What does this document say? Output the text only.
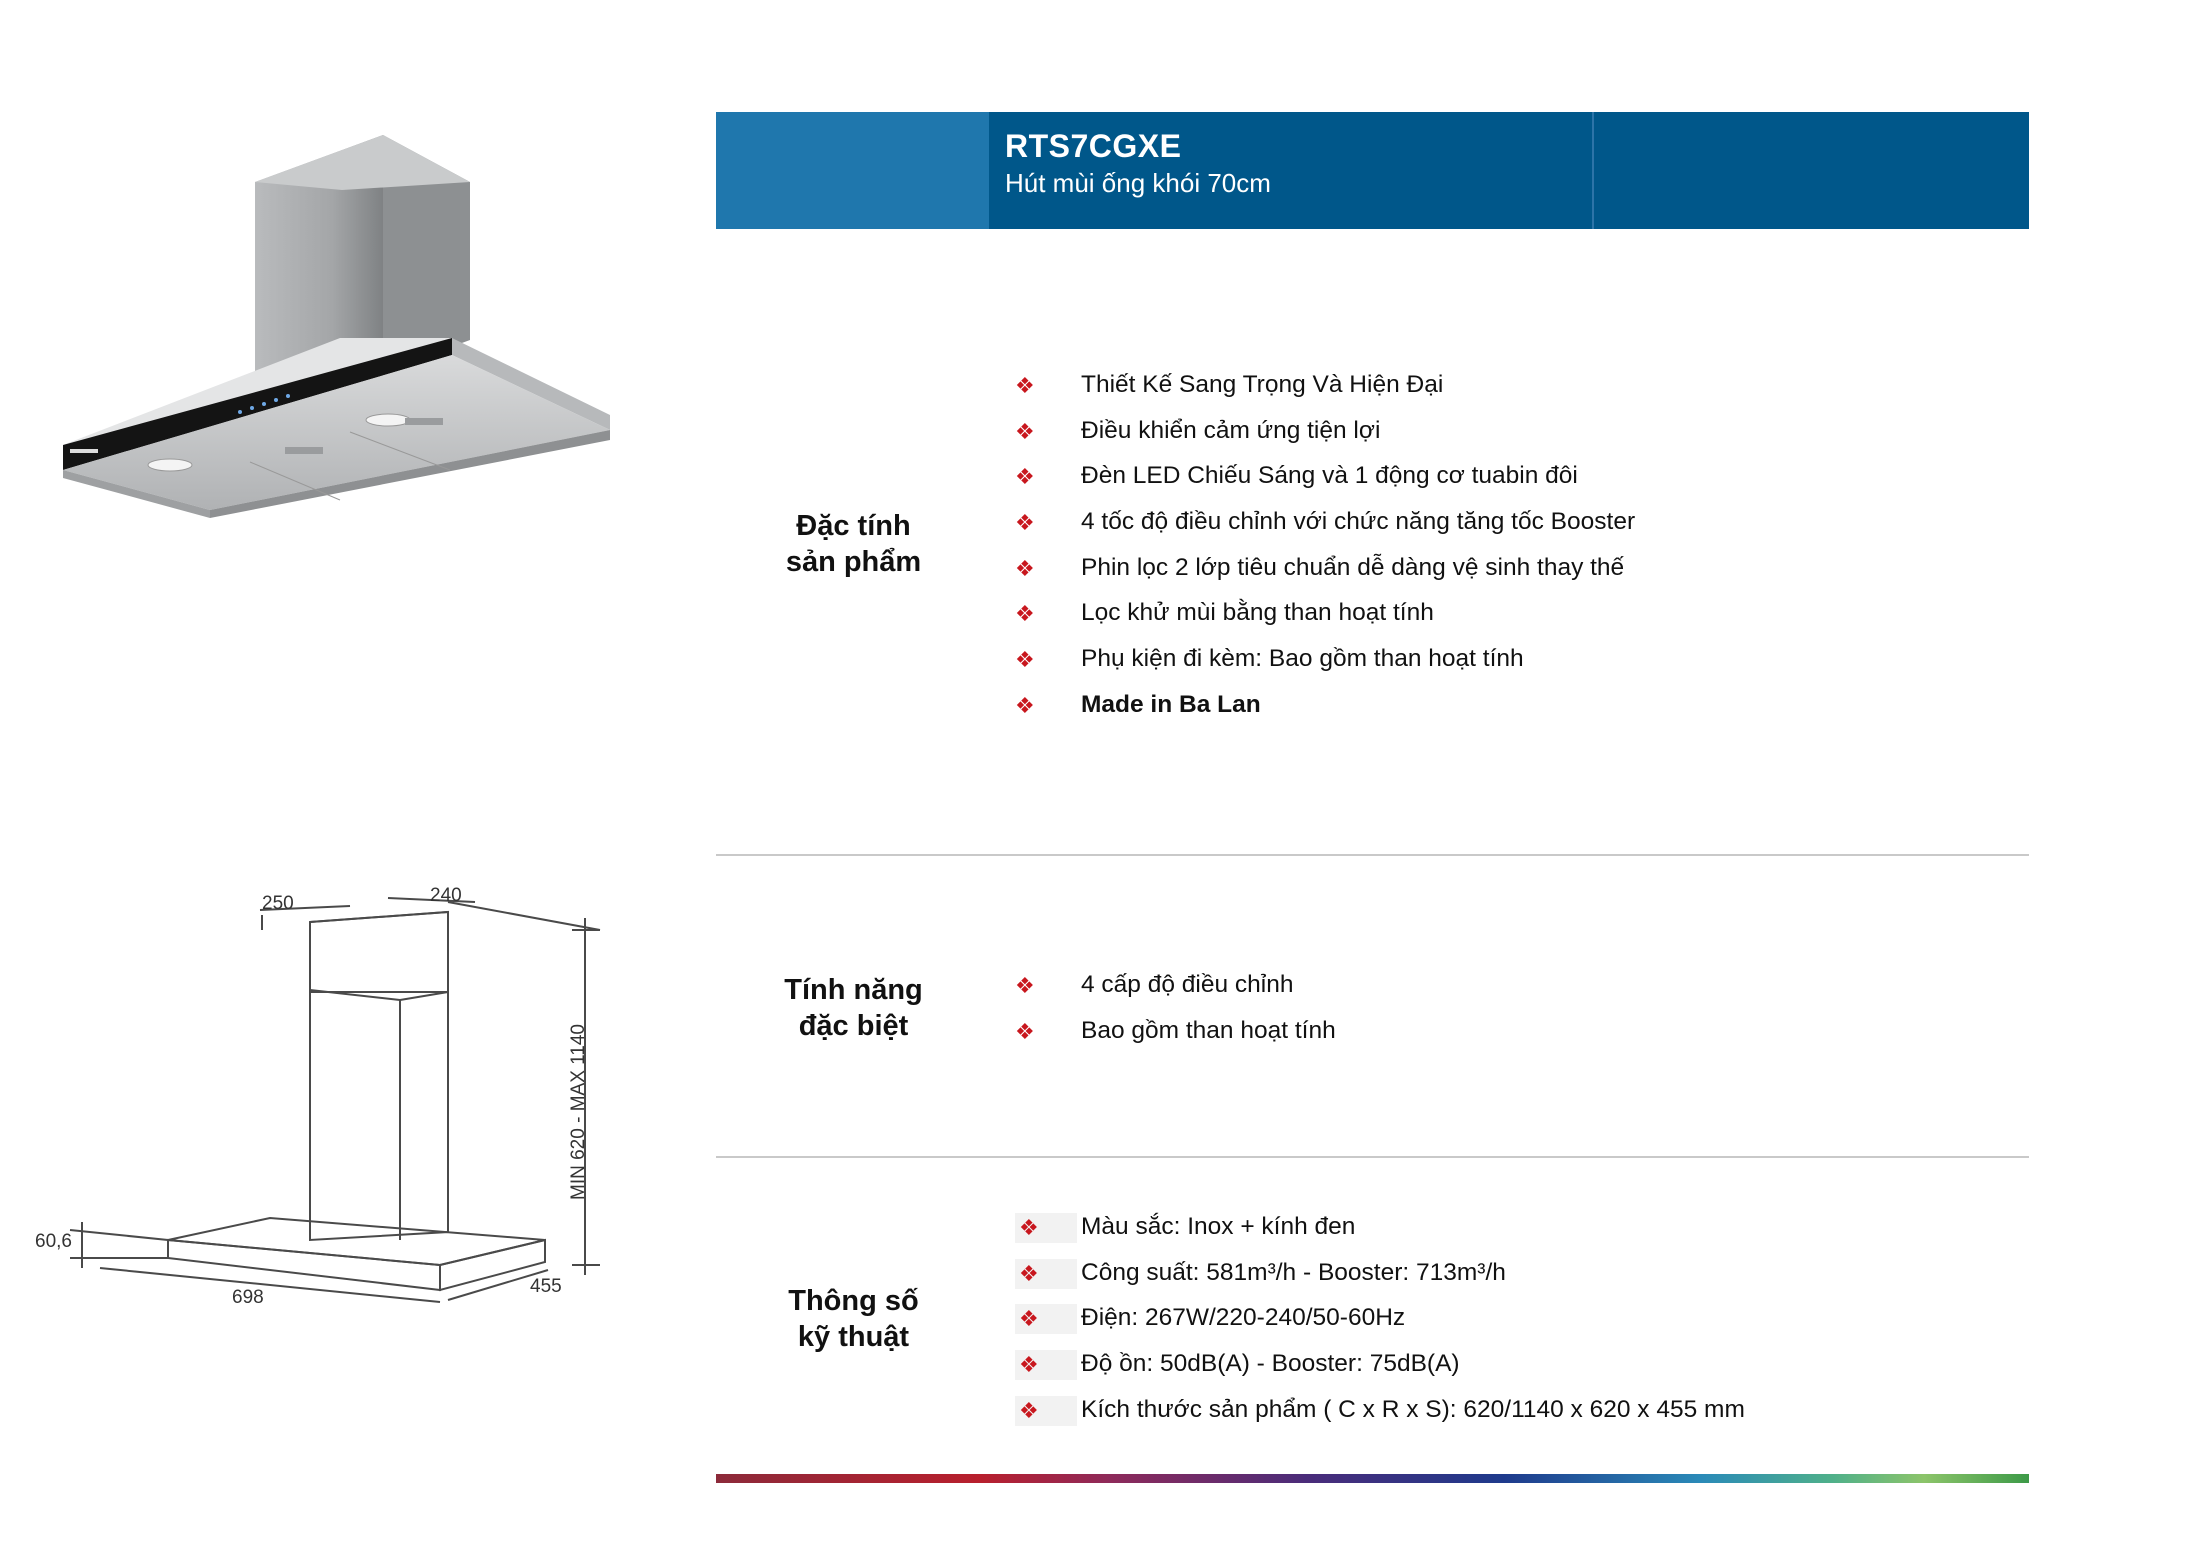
250	240
MIN 620 - MAX 1140
60,6
698
455
RTS7CGXE
Hút mùi ống khói 70cm
Đặc tính
sản phẩm
❖ Thiết Kế Sang Trọng Và Hiện Đại
❖ Điều khiển cảm ứng tiện lợi
❖ Đèn LED Chiếu Sáng và 1 động cơ tuabin đôi
❖ 4 tốc độ điều chỉnh với chức năng tăng tốc Booster
❖ Phin lọc 2 lớp tiêu chuẩn dễ dàng vệ sinh thay thế
❖ Lọc khử mùi bằng than hoạt tính
❖ Phụ kiện đi kèm: Bao gồm than hoạt tính
❖ Made in Ba Lan
Tính năng
đặc biệt
❖ 4 cấp độ điều chỉnh
❖ Bao gồm than hoạt tính
Thông số
kỹ thuật
❖	Màu sắc: Inox + kính đen
❖	Công suất: 581m³/h - Booster: 713m³/h
❖	Điện: 267W/220-240/50-60Hz
❖	Độ ồn: 50dB(A) - Booster: 75dB(A)
❖	Kích thước sản phẩm ( C x R x S): 620/1140 x 620 x 455 mm
